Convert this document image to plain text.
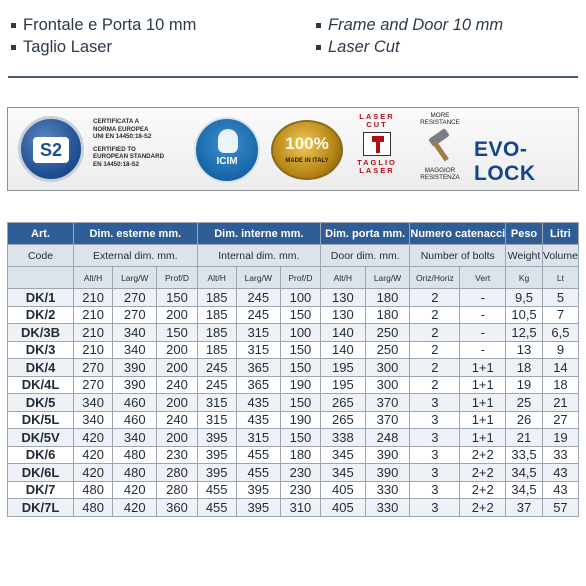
Frontale e Porta 10 mm
Taglio Laser
Frame and Door 10 mm
Laser Cut
S2
CERTIFICATA A
NORMA EUROPEA
UNI EN 14450:18-S2
CERTIFIED TO
EUROPEAN STANDARD
EN 14450:18-S2	ICIM
100%
MADE IN ITALY
LASER
CUT
TAGLIO
LASER
MORE
RESISTANCE
MAGGIOR
RESISTENZA
EVO-LOCK
Art.	Dim. esterne mm.			Dim. interne mm.			Dim. porta mm.		Numero catenacci		Peso	Litri
Code	External dim. mm.			Internal dim. mm.			Door dim. mm.		Number of bolts		Weight	Volume
	Alt/H	Larg/W	Prof/D	Alt/H	Larg/W	Prof/D	Alt/H	Larg/W	Oriz/Horiz	Vert	Kg	Lt
DK/1	210	270	150	185	245	100	130	180	2	-	9,5	5
DK/2	210	270	200	185	245	150	130	180	2	-	10,5	7
DK/3B	210	340	150	185	315	100	140	250	2	-	12,5	6,5
DK/3	210	340	200	185	315	150	140	250	2	-	13	9
DK/4	270	390	200	245	365	150	195	300	2	1+1	18	14
DK/4L	270	390	240	245	365	190	195	300	2	1+1	19	18
DK/5	340	460	200	315	435	150	265	370	3	1+1	25	21
DK/5L	340	460	240	315	435	190	265	370	3	1+1	26	27
DK/5V	420	340	200	395	315	150	338	248	3	1+1	21	19
DK/6	420	480	230	395	455	180	345	390	3	2+2	33,5	33
DK/6L	420	480	280	395	455	230	345	390	3	2+2	34,5	43
DK/7	480	420	280	455	395	230	405	330	3	2+2	34,5	43
DK/7L	480	420	360	455	395	310	405	330	3	2+2	37	57
